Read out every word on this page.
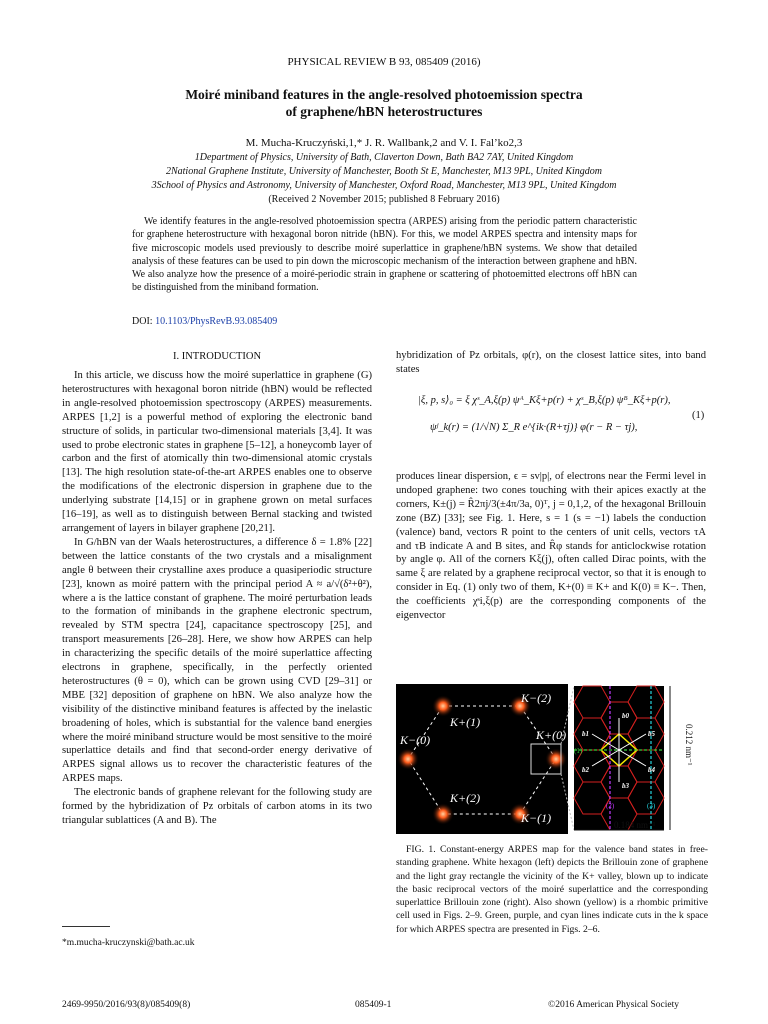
PHYSICAL REVIEW B 93, 085409 (2016)
Moiré miniband features in the angle-resolved photoemission spectra
of graphene/hBN heterostructures
M. Mucha-Kruczyński,1,* J. R. Wallbank,2 and V. I. Fal’ko2,3
1Department of Physics, University of Bath, Claverton Down, Bath BA2 7AY, United Kingdom
2National Graphene Institute, University of Manchester, Booth St E, Manchester, M13 9PL, United Kingdom
3School of Physics and Astronomy, University of Manchester, Oxford Road, Manchester, M13 9PL, United Kingdom
(Received 2 November 2015; published 8 February 2016)
We identify features in the angle-resolved photoemission spectra (ARPES) arising from the periodic pattern characteristic for graphene heterostructure with hexagonal boron nitride (hBN). For this, we model ARPES spectra and intensity maps for five microscopic models used previously to describe moiré superlattice in graphene/hBN systems. We show that detailed analysis of these features can be used to pin down the microscopic mechanism of the interaction between graphene and hBN. We also analyze how the presence of a moiré-periodic strain in graphene or scattering of photoemitted electrons off hBN can be distinguished from the miniband formation.
DOI: 10.1103/PhysRevB.93.085409
I. INTRODUCTION

In this article, we discuss how the moiré superlattice in graphene (G) heterostructures with hexagonal boron nitride (hBN) would be reflected in angle-resolved photoemission spectroscopy (ARPES) measurements. ARPES [1,2] is a powerful method of exploring the electronic band structure of solids, in particular two-dimensional materials [3,4]. It was used to probe electronic states in graphene [5–12], a honeycomb layer of carbon and the first of atomically thin two-dimensional atomic crystals [13]. The high resolution state-of-the-art ARPES enables one to observe the modifications of the electronic dispersion in graphene due to the underlying substrate [14,15] or in graphene grown on metal surfaces [16–19], as well as to distinguish between Bernal stacking and twisted arrangement of layers in bilayer graphene [20,21].

In G/hBN van der Waals heterostructures, a difference δ = 1.8% [22] between the lattice constants of the two crystals and a misalignment angle θ between their crystalline axes produce a quasiperiodic structure [23], known as moiré pattern with the principal period A ≈ a/√(δ²+θ²), where a is the lattice constant of graphene. The moiré perturbation leads to the formation of minibands in the graphene electronic spectrum, revealed by STM spectra [24], capacitance spectroscopy [25], and transport measurements [26–28]. Here, we show how ARPES can help in characterizing the specific details of the moiré superlattice affecting electrons in graphene, specifically, in the perfectly oriented heterostructures (θ = 0), which can be grown using CVD [29–31] or MBE [32] deposition of graphene on hBN. We also analyze how the visibility of the distinctive miniband features is affected by the inelastic broadening of holes, which is substantial for the valence band energies where the moiré miniband structure would be most sensitive to the moiré superlattice details and find that second-order energy derivative of ARPES signal allows us to recover the characteristic features of the ARPES maps.

The electronic bands of graphene relevant for the following study are formed by the hybridization of Pz orbitals of carbon atoms in its two triangular sublattices (A and B). The

hybridization of Pz orbitals, φ(r), on the closest lattice sites, into band states
|ξ, p, s⟩₀ = ξ χˢ_A,ξ(p) ψᴬ_Kξ+p(r) + χˢ_B,ξ(p) ψᴮ_Kξ+p(r),
ψʲ_k(r) = (1/√N) Σ_R e^{ik·(R+τj)} φ(r − R − τj),
(1)
produces linear dispersion, ϵ = sv|p|, of electrons near the Fermi level in undoped graphene: two cones touching with their apices exactly at the corners, K±(j) = R̂2πj/3(±4π/3a, 0)ᵀ, j = 0,1,2, of the hexagonal Brillouin zone (BZ) [33]; see Fig. 1. Here, s = 1 (s = −1) labels the conduction (valence) band, vectors R point to the centers of unit cells, vectors τA and τB indicate A and B sites, and R̂φ stands for anticlockwise rotation by angle φ. All of the corners Kξ(j), often called Dirac points, with the same ξ are related by a graphene reciprocal vector, so that it is enough to consider in Eq. (1) only two of them, K+(0) ≡ K+ and K(0) ≡ K−. Then, the coefficients χˢi,ξ(p) are the corresponding components of the eigenvector
K+(1)
K−(2)
K−(0)	K+(0)
K+(2)
K−(1)
b0
b1
b2
b3
b4
b5
(1)
(2)	(3)
0.212 nm⁻¹
0.184 nm⁻¹

FIG. 1. Constant-energy ARPES map for the valence band states in free-standing graphene. White hexagon (left) depicts the Brillouin zone of graphene and the light gray rectangle the vicinity of the K+ valley, blown up to indicate the basic reciprocal vectors of the moiré superlattice and the corresponding superlattice Brillouin zone (right). Also shown (yellow) is a rhombic primitive cell used in Figs. 2–9. Green, purple, and cyan lines indicate cuts in the k space for which ARPES spectra are presented in Figs. 2–6.

*m.mucha-kruczynski@bath.ac.uk
2469-9950/2016/93(8)/085409(8)	085409-1	©2016 American Physical Society
